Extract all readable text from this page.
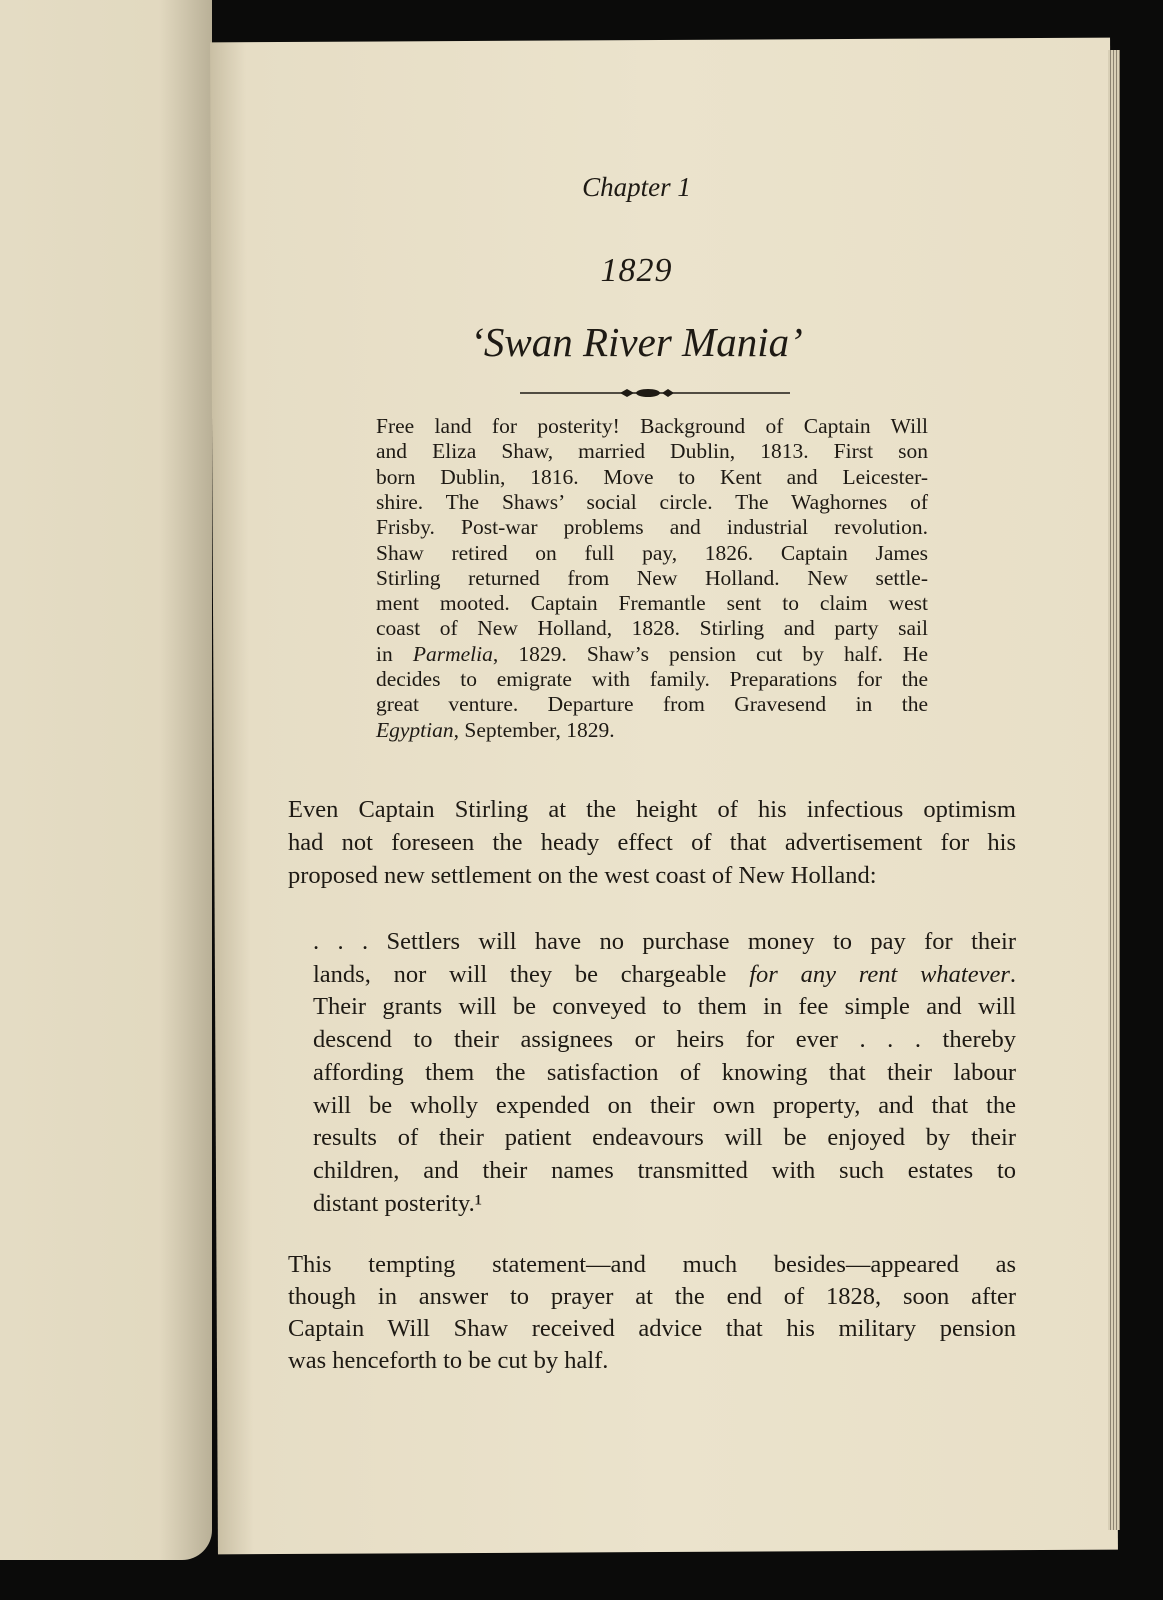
Chapter 1
1829
‘Swan River Mania’
Free land for posterity! Background of Captain Will
and Eliza Shaw, married Dublin, 1813. First son
born Dublin, 1816. Move to Kent and Leicester-
shire. The Shaws’ social circle. The Waghornes of
Frisby. Post-war problems and industrial revolution.
Shaw retired on full pay, 1826. Captain James
Stirling returned from New Holland. New settle-
ment mooted. Captain Fremantle sent to claim west
coast of New Holland, 1828. Stirling and party sail
in Parmelia, 1829. Shaw’s pension cut by half. He
decides to emigrate with family. Preparations for the
great venture. Departure from Gravesend in the
Egyptian, September, 1829.
Even Captain Stirling at the height of his infectious optimism
had not foreseen the heady effect of that advertisement for his
proposed new settlement on the west coast of New Holland:
. . . Settlers will have no purchase money to pay for their
lands, nor will they be chargeable for any rent whatever.
Their grants will be conveyed to them in fee simple and will
descend to their assignees or heirs for ever . . . thereby
affording them the satisfaction of knowing that their labour
will be wholly expended on their own property, and that the
results of their patient endeavours will be enjoyed by their
children, and their names transmitted with such estates to
distant posterity.¹
This tempting statement—and much besides—appeared as
though in answer to prayer at the end of 1828, soon after
Captain Will Shaw received advice that his military pension
was henceforth to be cut by half.
